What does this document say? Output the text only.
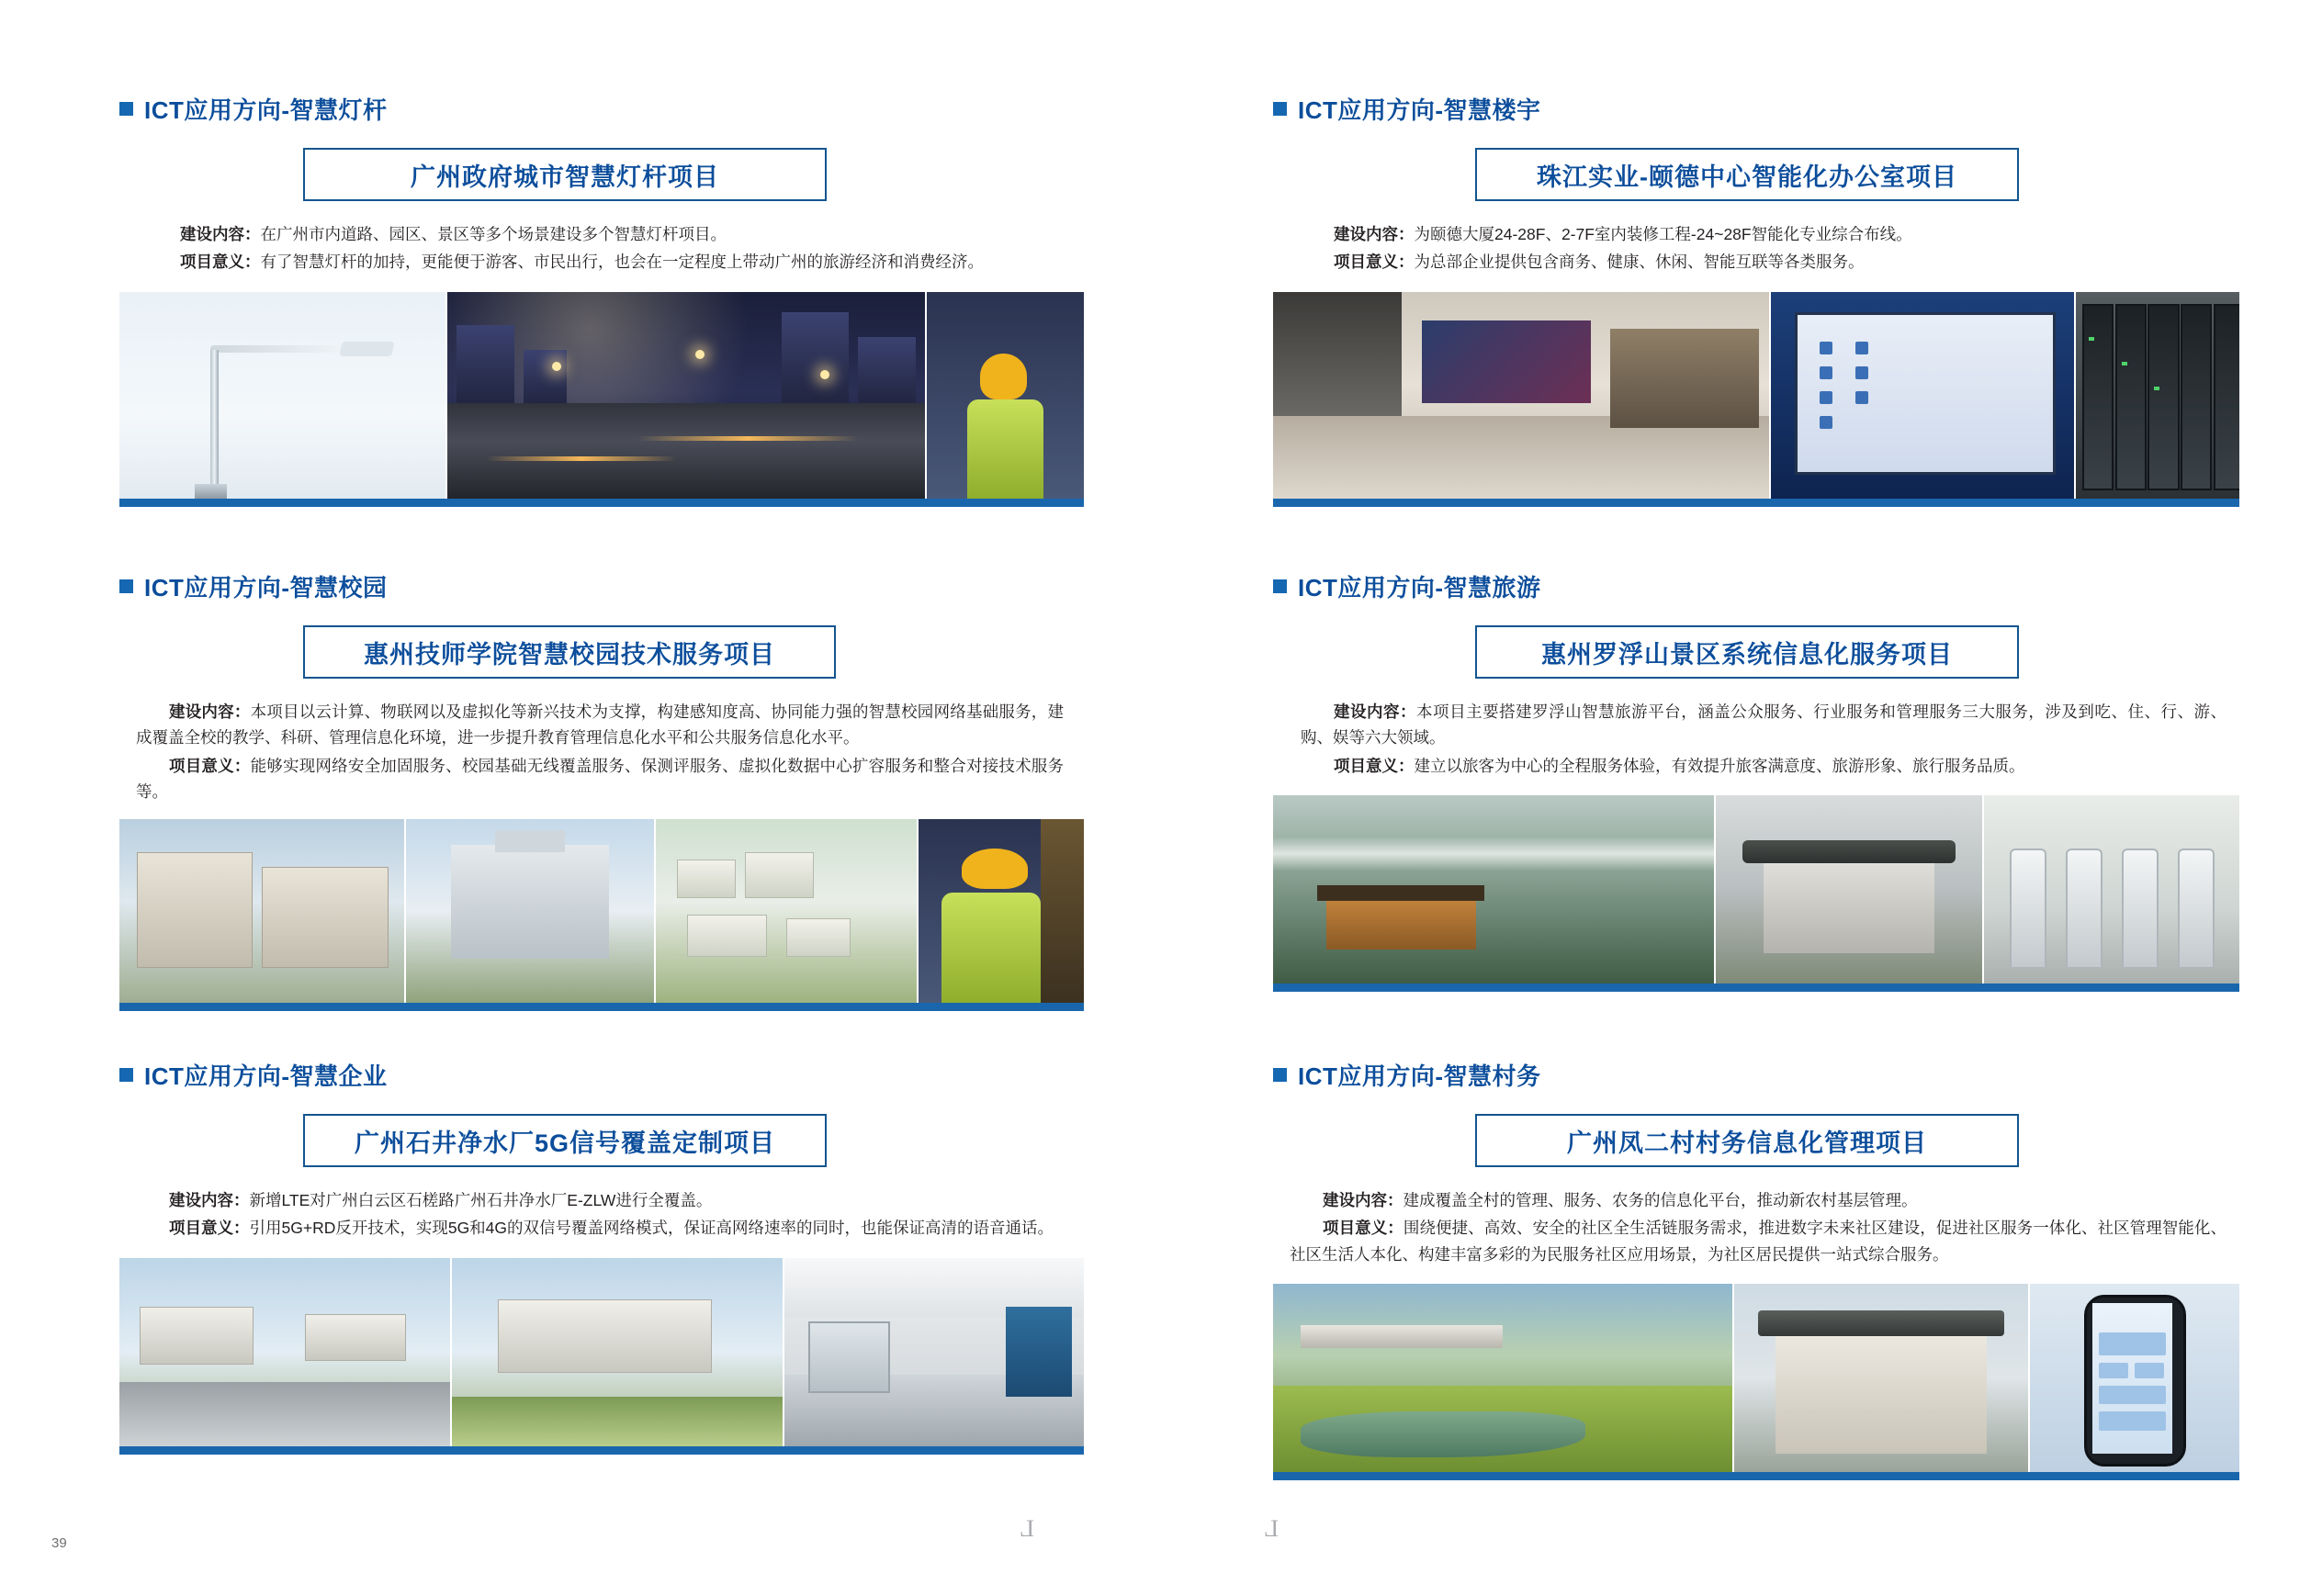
ICT应用方向-智慧灯杆
广州政府城市智慧灯杆项目

建设内容：在广州市内道路、园区、景区等多个场景建设多个智慧灯杆项目。

项目意义：有了智慧灯杆的加持，更能便于游客、市民出行，也会在一定程度上带动广州的旅游经济和消费经济。

ICT应用方向-智慧校园
惠州技师学院智慧校园技术服务项目

建设内容：本项目以云计算、物联网以及虚拟化等新兴技术为支撑，构建感知度高、协同能力强的智慧校园网络基础服务，建成覆盖全校的教学、科研、管理信息化环境，进一步提升教育管理信息化水平和公共服务信息化水平。

项目意义：能够实现网络安全加固服务、校园基础无线覆盖服务、保测评服务、虚拟化数据中心扩容服务和整合对接技术服务等。

ICT应用方向-智慧企业
广州石井净水厂5G信号覆盖定制项目

建设内容：新增LTE对广州白云区石槎路广州石井净水厂E-ZLW进行全覆盖。

项目意义：引用5G+RD反开技术，实现5G和4G的双信号覆盖网络模式，保证高网络速率的同时，也能保证高清的语音通话。

39
L
ICT应用方向-智慧楼宇
珠江实业-颐德中心智能化办公室项目

建设内容：为颐德大厦24-28F、2-7F室内装修工程-24~28F智能化专业综合布线。

项目意义：为总部企业提供包含商务、健康、休闲、智能互联等各类服务。

ICT应用方向-智慧旅游
惠州罗浮山景区系统信息化服务项目

建设内容：本项目主要搭建罗浮山智慧旅游平台，涵盖公众服务、行业服务和管理服务三大服务，涉及到吃、住、行、游、购、娱等六大领域。

项目意义：建立以旅客为中心的全程服务体验，有效提升旅客满意度、旅游形象、旅行服务品质。

ICT应用方向-智慧村务
广州凤二村村务信息化管理项目

建设内容：建成覆盖全村的管理、服务、农务的信息化平台，推动新农村基层管理。

项目意义：围绕便捷、高效、安全的社区全生活链服务需求，推进数字未来社区建设，促进社区服务一体化、社区管理智能化、社区生活人本化、构建丰富多彩的为民服务社区应用场景，为社区居民提供一站式综合服务。

L
